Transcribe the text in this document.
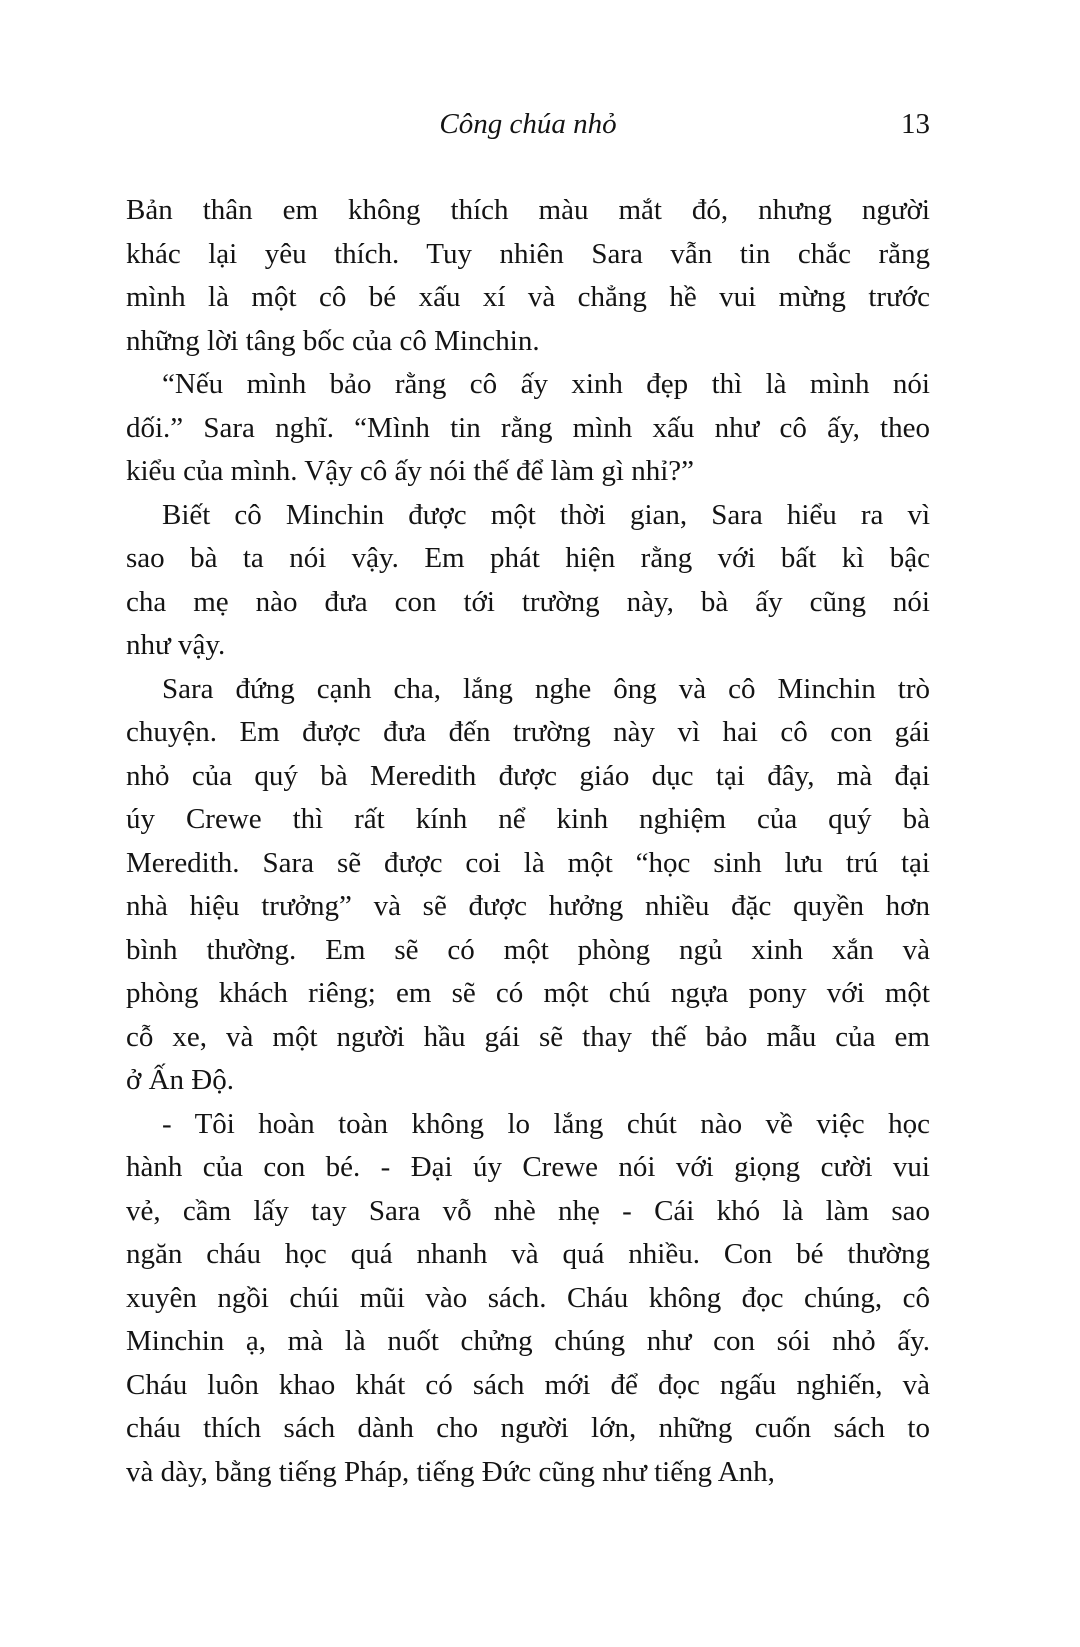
Công chúa nhỏ	13
Bản thân em không thích màu mắt đó, nhưng người
khác lại yêu thích. Tuy nhiên Sara vẫn tin chắc rằng
mình là một cô bé xấu xí và chẳng hề vui mừng trước
những lời tâng bốc của cô Minchin.
“Nếu mình bảo rằng cô ấy xinh đẹp thì là mình nói
dối.” Sara nghĩ. “Mình tin rằng mình xấu như cô ấy, theo
kiểu của mình. Vậy cô ấy nói thế để làm gì nhỉ?”
Biết cô Minchin được một thời gian, Sara hiểu ra vì
sao bà ta nói vậy. Em phát hiện rằng với bất kì bậc
cha mẹ nào đưa con tới trường này, bà ấy cũng nói
như vậy.
Sara đứng cạnh cha, lắng nghe ông và cô Minchin trò
chuyện. Em được đưa đến trường này vì hai cô con gái
nhỏ của quý bà Meredith được giáo dục tại đây, mà đại
úy Crewe thì rất kính nể kinh nghiệm của quý bà
Meredith. Sara sẽ được coi là một “học sinh lưu trú tại
nhà hiệu trưởng” và sẽ được hưởng nhiều đặc quyền hơn
bình thường. Em sẽ có một phòng ngủ xinh xắn và
phòng khách riêng; em sẽ có một chú ngựa pony với một
cỗ xe, và một người hầu gái sẽ thay thế bảo mẫu của em
ở Ấn Độ.
- Tôi hoàn toàn không lo lắng chút nào về việc học
hành của con bé. - Đại úy Crewe nói với giọng cười vui
vẻ, cầm lấy tay Sara vỗ nhè nhẹ - Cái khó là làm sao
ngăn cháu học quá nhanh và quá nhiều. Con bé thường
xuyên ngồi chúi mũi vào sách. Cháu không đọc chúng, cô
Minchin ạ, mà là nuốt chửng chúng như con sói nhỏ ấy.
Cháu luôn khao khát có sách mới để đọc ngấu nghiến, và
cháu thích sách dành cho người lớn, những cuốn sách to
và dày, bằng tiếng Pháp, tiếng Đức cũng như tiếng Anh,
